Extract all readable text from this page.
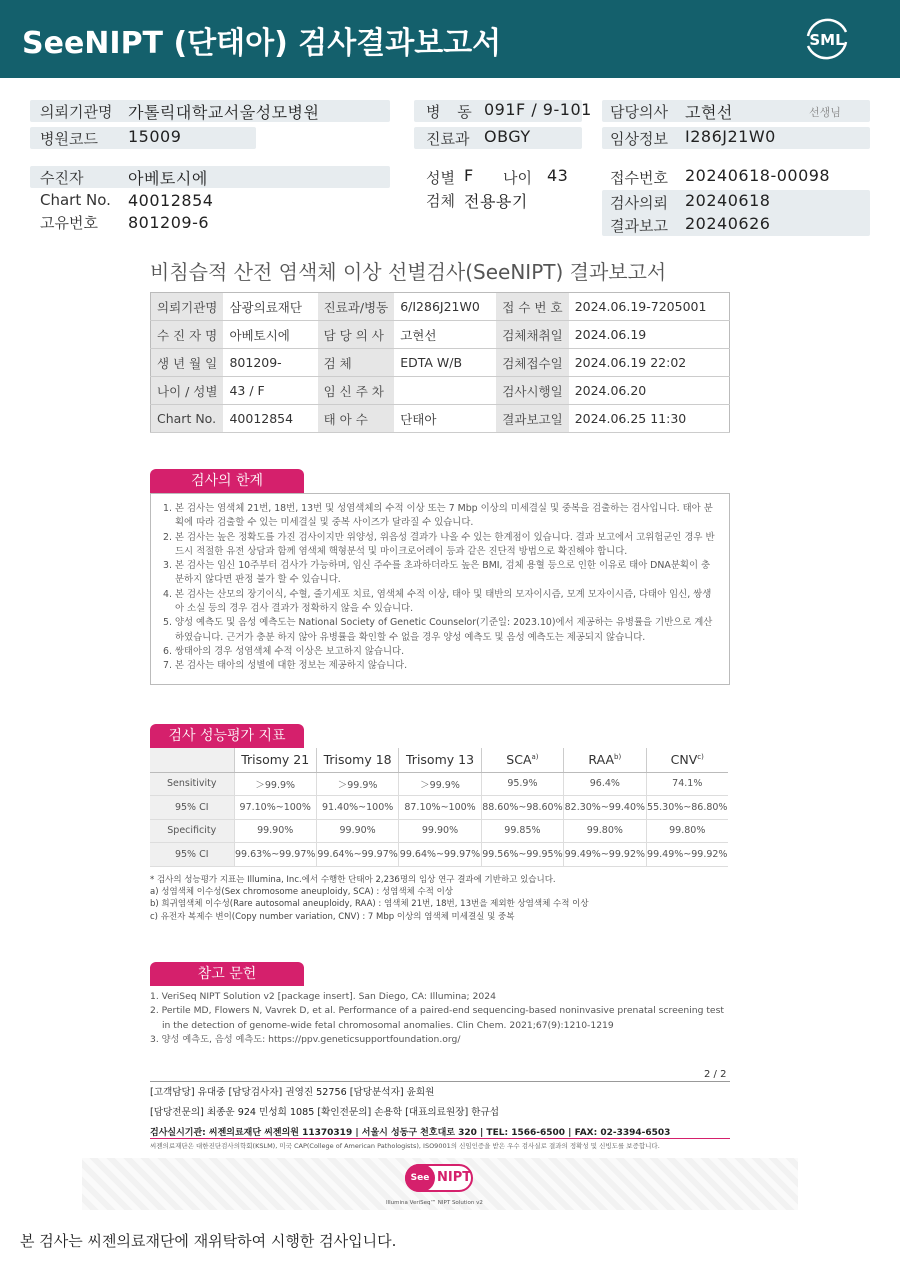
SeeNIPT (단태아) 검사결과보고서	SML
의뢰기관명 가톨릭대학교서울성모병원
병원코드 15009
병 동 091F / 9-101
진료과 OBGY
담당의사 고현선	선생님
임상정보 I286J21W0
수진자	아베토시에
Chart No. 40012854
고유번호 801209-6
성별 F 나이 43
검체 전용용기
접수번호 20240618-00098
검사의뢰 20240618
결과보고 20240626
비침습적 산전 염색체 이상 선별검사(SeeNIPT) 결과보고서
의뢰기관명	삼광의료재단	진료과/병동	6/I286J21W0	접 수 번 호	2024.06.19-7205001
수 진 자 명	아베토시에	담 당 의 사	고현선	검체채취일	2024.06.19
생 년 월 일	801209-	검 체	EDTA W/B	검체접수일	2024.06.19 22:02
나이 / 성별	43 / F	임 신 주 차		검사시행일	2024.06.20
Chart No.	40012854	태 아 수	단태아	결과보고일	2024.06.25 11:30
검사의 한계
1. 본 검사는 염색체 21번, 18번, 13번 및 성염색체의 수적 이상 또는 7 Mbp 이상의 미세결실 및 중복을 검출하는 검사입니다. 태아 분획에 따라 검출할 수 있는 미세결실 및 중복 사이즈가 달라질 수 있습니다.
2. 본 검사는 높은 정확도를 가진 검사이지만 위양성, 위음성 결과가 나올 수 있는 한계점이 있습니다. 결과 보고에서 고위험군인 경우 반드시 적절한 유전 상담과 함께 염색체 핵형분석 및 마이크로어레이 등과 같은 진단적 방법으로 확진해야 합니다.
3. 본 검사는 임신 10주부터 검사가 가능하며, 임신 주수를 초과하더라도 높은 BMI, 검체 용혈 등으로 인한 이유로 태아 DNA분획이 충분하지 않다면 판정 불가 할 수 있습니다.
4. 본 검사는 산모의 장기이식, 수혈, 줄기세포 치료, 염색체 수적 이상, 태아 및 태반의 모자이시즘, 모계 모자이시즘, 다태아 임신, 쌍생아 소실 등의 경우 검사 결과가 정확하지 않을 수 있습니다.
5. 양성 예측도 및 음성 예측도는 National Society of Genetic Counselor(기준일: 2023.10)에서 제공하는 유병률을 기반으로 계산하였습니다. 근거가 충분 하지 않아 유병률을 확인할 수 없을 경우 양성 예측도 및 음성 예측도는 제공되지 않습니다.
6. 쌍태아의 경우 성염색체 수적 이상은 보고하지 않습니다.
7. 본 검사는 태아의 성별에 대한 정보는 제공하지 않습니다.
검사 성능평가 지표
	Trisomy 21	Trisomy 18	Trisomy 13	SCA$^{a)}$	RAA$^{b)}$	CNV$^{c)}$
Sensitivity	＞99.9%	＞99.9%	＞99.9%	95.9%	96.4%	74.1%
95% CI	97.10%~100%	91.40%~100%	87.10%~100%	88.60%~98.60%	82.30%~99.40%	55.30%~86.80%
Specificity	99.90%	99.90%	99.90%	99.85%	99.80%	99.80%
95% CI	99.63%~99.97%	99.64%~99.97%	99.64%~99.97%	99.56%~99.95%	99.49%~99.92%	99.49%~99.92%
* 검사의 성능평가 지표는 Illumina, Inc.에서 수행한 단태아 2,236명의 임상 연구 결과에 기반하고 있습니다.
a) 성염색체 이수성(Sex chromosome aneuploidy, SCA) : 성염색체 수적 이상
b) 희귀염색체 이수성(Rare autosomal aneuploidy, RAA) : 염색체 21번, 18번, 13번을 제외한 상염색체 수적 이상
c) 유전자 복제수 변이(Copy number variation, CNV) : 7 Mbp 이상의 염색체 미세결실 및 중복
참고 문헌
1. VeriSeq NIPT Solution v2 [package insert]. San Diego, CA: Illumina; 2024
2. Pertile MD, Flowers N, Vavrek D, et al. Performance of a paired-end sequencing-based noninvasive prenatal screening test in the detection of genome-wide fetal chromosomal anomalies. Clin Chem. 2021;67(9):1210-1219
3. 양성 예측도, 음성 예측도: https://ppv.geneticsupportfoundation.org/
2 / 2
[고객담당] 유대중 [담당검사자] 권영진 52756 [담당분석자] 윤희원
[담당전문의] 최종운 924 민성희 1085 [확인전문의] 손용학 [대표의료원장] 한규섭
검사실시기관: 씨젠의료재단 씨젠의원 11370319 | 서울시 성동구 천호대로 320 | TEL: 1566-6500 | FAX: 02-3394-6503
씨젠의료재단은 대한진단검사의학회(KSLM), 미국 CAP(College of American Pathologists), ISO9001의 신임인증을 받은 우수 검사실로 결과의 정확성 및 신빙도를 보증합니다.
See NIPT
Illumina VeriSeq™ NIPT Solution v2
본 검사는 씨젠의료재단에 재위탁하여 시행한 검사입니다.
